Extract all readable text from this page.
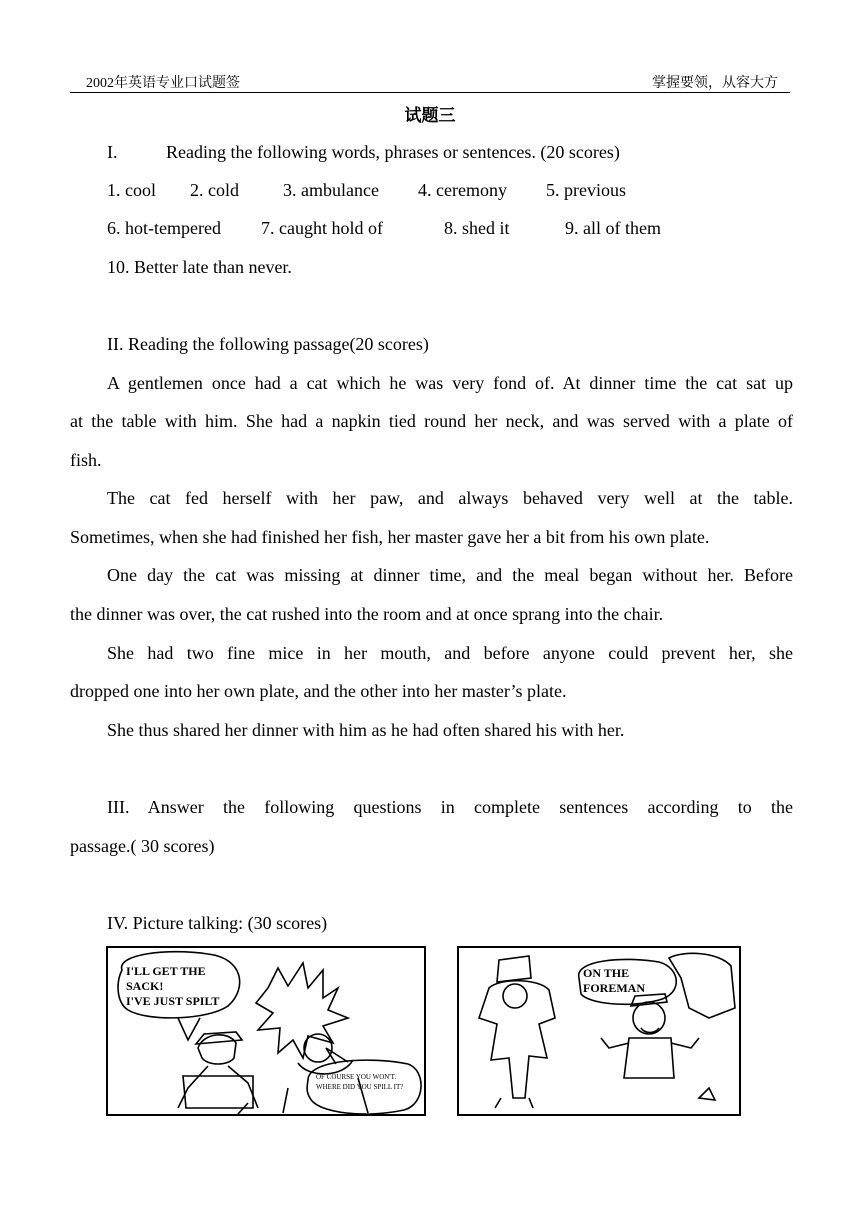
2002年英语专业口试题签	掌握要领，从容大方
试题三
I.	Reading the following words, phrases or sentences. (20 scores)
1. cool 2. cold 3. ambulance 4. ceremony 5. previous
6. hot-tempered 7. caught hold of	8. shed it	9. all of them
10. Better late than never.
II. Reading the following passage(20 scores)
A gentlemen once had a cat which he was very fond of. At dinner time the cat sat up
at the table with him. She had a napkin tied round her neck, and was served with a plate of
fish.
The cat fed herself with her paw, and always behaved very well at the table.
Sometimes, when she had finished her fish, her master gave her a bit from his own plate.
One day the cat was missing at dinner time, and the meal began without her. Before
the dinner was over, the cat rushed into the room and at once sprang into the chair.
She had two fine mice in her mouth, and before anyone could prevent her, she
dropped one into her own plate, and the other into her master’s plate.
She thus shared her dinner with him as he had often shared his with her.
III. Answer the following questions in complete sentences according to the
passage.( 30 scores)
IV. Picture talking: (30 scores)
I'LL GET THE
SACK!
I'VE JUST SPILT
OF COURSE YOU WON'T.
WHERE DID YOU SPILL IT?
ON THE
FOREMAN
